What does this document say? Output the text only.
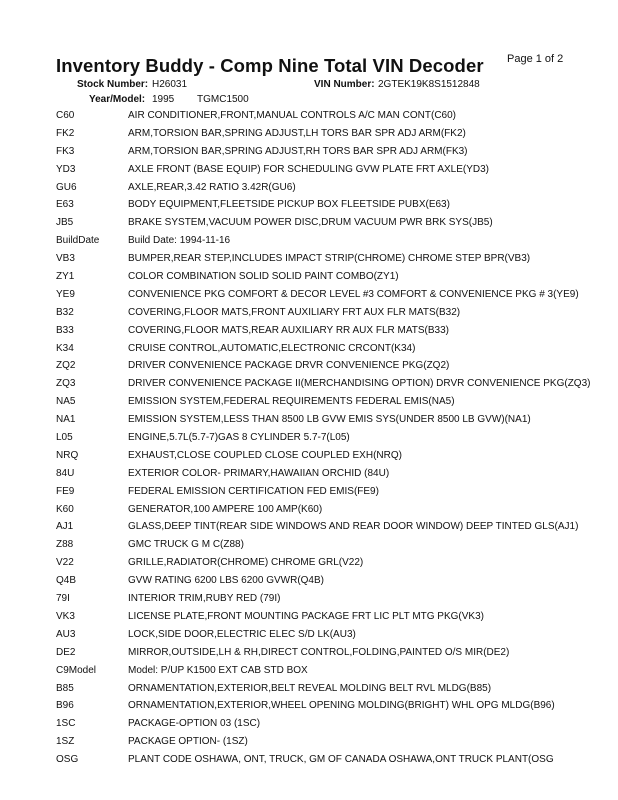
Inventory Buddy - Comp Nine Total VIN Decoder Page 1 of 2
Stock Number: H26031	VIN Number: 2GTEK19K8S1512848
Year/Model: 1995 TGMC1500
C60	AIR CONDITIONER,FRONT,MANUAL CONTROLS A/C MAN CONT(C60)
FK2	ARM,TORSION BAR,SPRING ADJUST,LH TORS BAR SPR ADJ ARM(FK2)
FK3	ARM,TORSION BAR,SPRING ADJUST,RH TORS BAR SPR ADJ ARM(FK3)
YD3	AXLE FRONT (BASE EQUIP) FOR SCHEDULING GVW PLATE FRT AXLE(YD3)
GU6	AXLE,REAR,3.42 RATIO 3.42R(GU6)
E63	BODY EQUIPMENT,FLEETSIDE PICKUP BOX FLEETSIDE PUBX(E63)
JB5	BRAKE SYSTEM,VACUUM POWER DISC,DRUM VACUUM PWR BRK SYS(JB5)
BuildDate	Build Date: 1994-11-16
VB3	BUMPER,REAR STEP,INCLUDES IMPACT STRIP(CHROME) CHROME STEP BPR(VB3)
ZY1	COLOR COMBINATION SOLID SOLID PAINT COMBO(ZY1)
YE9	CONVENIENCE PKG COMFORT & DECOR LEVEL #3 COMFORT & CONVENIENCE PKG # 3(YE9)
B32	COVERING,FLOOR MATS,FRONT AUXILIARY FRT AUX FLR MATS(B32)
B33	COVERING,FLOOR MATS,REAR AUXILIARY RR AUX FLR MATS(B33)
K34	CRUISE CONTROL,AUTOMATIC,ELECTRONIC CRCONT(K34)
ZQ2	DRIVER CONVENIENCE PACKAGE DRVR CONVENIENCE PKG(ZQ2)
ZQ3	DRIVER CONVENIENCE PACKAGE II(MERCHANDISING OPTION) DRVR CONVENIENCE PKG(ZQ3)
NA5	EMISSION SYSTEM,FEDERAL REQUIREMENTS FEDERAL EMIS(NA5)
NA1	EMISSION SYSTEM,LESS THAN 8500 LB GVW EMIS SYS(UNDER 8500 LB GVW)(NA1)
L05	ENGINE,5.7L(5.7-7)GAS 8 CYLINDER 5.7-7(L05)
NRQ	EXHAUST,CLOSE COUPLED CLOSE COUPLED EXH(NRQ)
84U	EXTERIOR COLOR- PRIMARY,HAWAIIAN ORCHID (84U)
FE9	FEDERAL EMISSION CERTIFICATION FED EMIS(FE9)
K60	GENERATOR,100 AMPERE 100 AMP(K60)
AJ1	GLASS,DEEP TINT(REAR SIDE WINDOWS AND REAR DOOR WINDOW) DEEP TINTED GLS(AJ1)
Z88	GMC TRUCK G M C(Z88)
V22	GRILLE,RADIATOR(CHROME) CHROME GRL(V22)
Q4B	GVW RATING 6200 LBS 6200 GVWR(Q4B)
79I	INTERIOR TRIM,RUBY RED (79I)
VK3	LICENSE PLATE,FRONT MOUNTING PACKAGE FRT LIC PLT MTG PKG(VK3)
AU3	LOCK,SIDE DOOR,ELECTRIC ELEC S/D LK(AU3)
DE2	MIRROR,OUTSIDE,LH & RH,DIRECT CONTROL,FOLDING,PAINTED O/S MIR(DE2)
C9Model	Model: P/UP K1500 EXT CAB STD BOX
B85	ORNAMENTATION,EXTERIOR,BELT REVEAL MOLDING BELT RVL MLDG(B85)
B96	ORNAMENTATION,EXTERIOR,WHEEL OPENING MOLDING(BRIGHT) WHL OPG MLDG(B96)
1SC	PACKAGE-OPTION 03 (1SC)
1SZ	PACKAGE OPTION- (1SZ)
OSG	PLANT CODE OSHAWA, ONT, TRUCK, GM OF CANADA OSHAWA,ONT TRUCK PLANT(OSG
